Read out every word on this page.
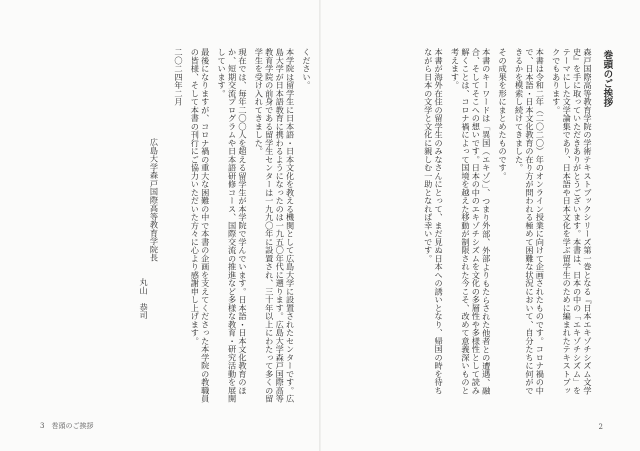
巻頭のご挨拶

森戸国際高等教育学院の学術テキストブックシリーズ第一巻となる『日本エキゾチシズム文学史』を手に取っていただきありがとうございます。本書は、日本の中の「エキゾチシズム」をテーマにした文学論集であり、日本語や日本文化を学ぶ留学生のために編まれたテキストブックでもあります。

本書は令和二年（二〇二〇）年のオンライン授業に向けて企画されたものです。コロナ禍の中で、日本語・日本文化教育の在り方が問われる極めて困難な状況において、自分たちに何ができるかを模索し続けてきました。

その成果を形にまとめたものです。

本書のキーワードは「異国（エキゾ）」、つまり外部、外部よりもたらされた他者との遭遇、融合、そしてそこへの想いです。日本の中のエキゾチシズムを文化の多層性や多様性として読み解くことは、コロナ禍によって国境を越えた移動が制限された今こそ、改めて意義深いものと考えます。

本書が海外在住の留学生のみなさんにとって、まだ見ぬ日本への誘いとなり、帰国の時を待ちながら日本の文学と文化に親しむ一助となれば幸いです。

2

ください。

本学院は留学生に日本語・日本文化を教える機関として広島大学に設置されたセンターです。広島大学が日本語教育に携わるようになったのは一九五〇年代に遡ります。広島大学森戸国際高等教育学院の前身である留学生センターは一九九〇年に設置され、三十年以上にわたって多くの留学生を受け入れてきました。

現在では、毎年二〇〇人を超える留学生が本学院で学んでいます。日本語・日本文化教育のほか、短期交流プログラムや日本語研修コース、国際交流の推進など多様な教育・研究活動を展開しています。

最後になりますが、コロナ禍の重大な困難の中で本書の企画を支えてくださった本学院の教職員の皆様、そして本書の刊行にご協力いただいた方々に心より感謝申し上げます。

二〇二四年二月

広島大学森戸国際高等教育学院長

丸山　恭司

3　巻頭のご挨拶
